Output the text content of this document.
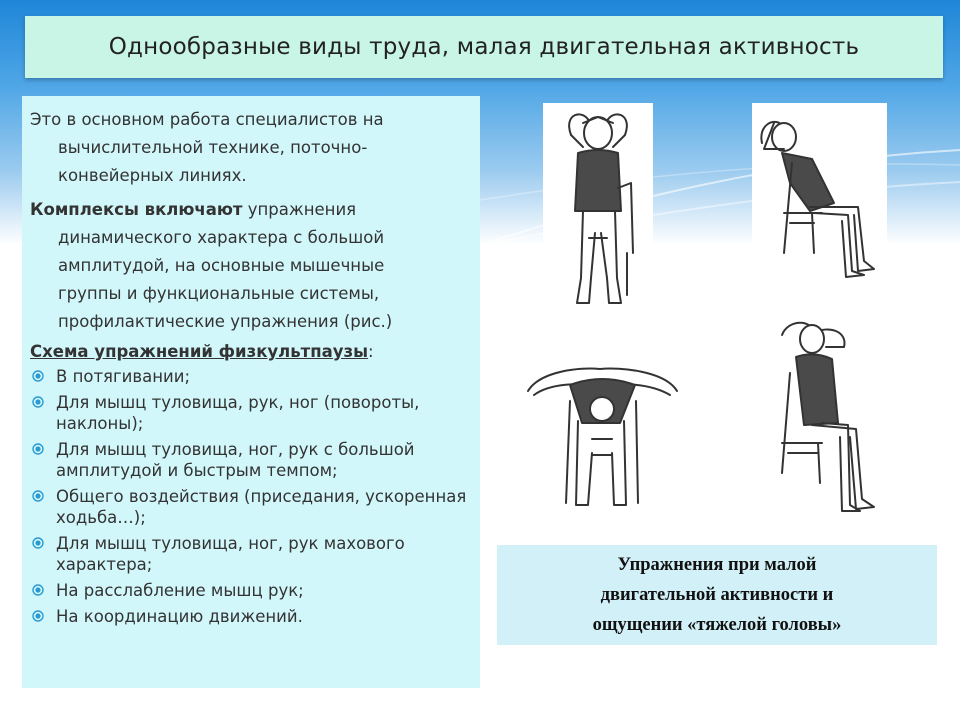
Однообразные виды труда, малая двигательная активность

Это в основном работа специалистов на

вычислительной технике, поточно-

конвейерных линиях.

Комплексы включают упражнения

динамического характера с большой

амплитудой, на основные мышечные

группы и функциональные системы,

профилактические упражнения (рис.)

Схема упражнений физкультпаузы:
В потягивании;
Для мышц туловища, рук, ног (повороты, наклоны);
Для мышц туловища, ног, рук с большой амплитудой и быстрым темпом;
Общего воздействия (приседания, ускоренная ходьба…);
Для мышц туловища, ног, рук махового характера;
На расслабление мышц рук;
На координацию движений.

Упражнения при малой
двигательной активности и
ощущении «тяжелой головы»
